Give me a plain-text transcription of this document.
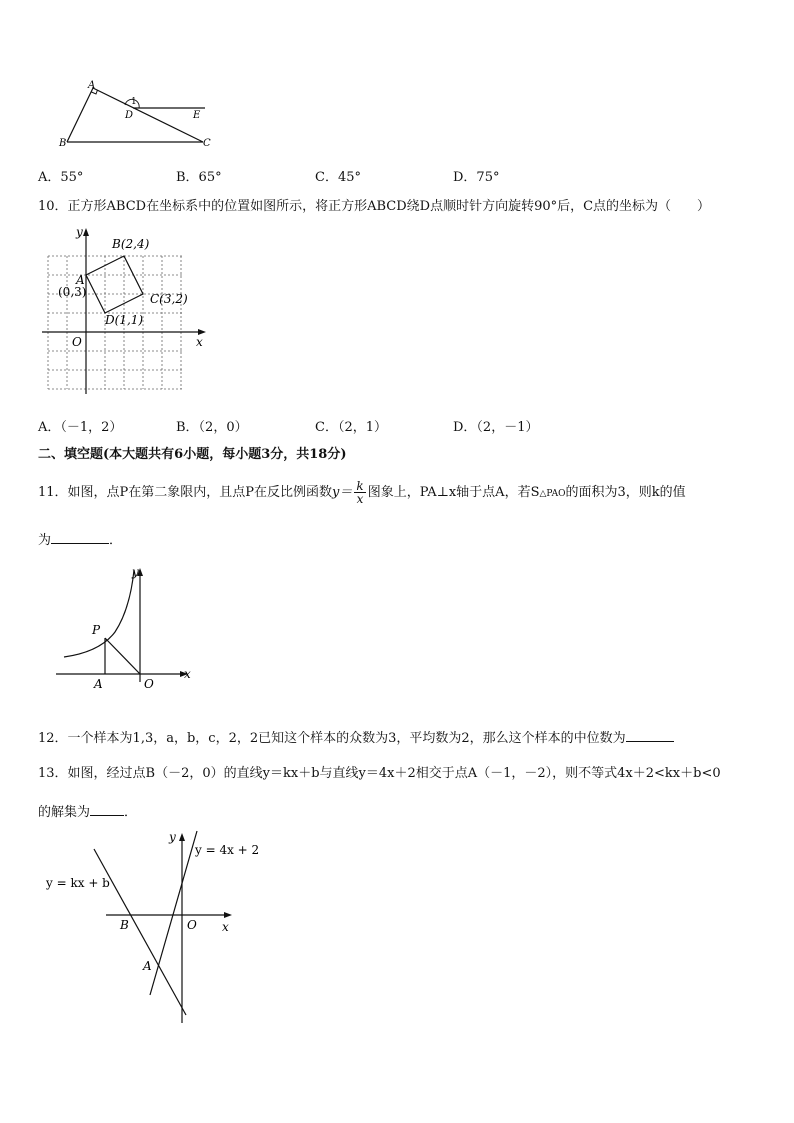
A
B	C
D	E
1
A．55°	B．65°	C．45°	D．75°
10．正方形ABCD在坐标系中的位置如图所示，将正方形ABCD绕D点顺时针方向旋转90°后，C点的坐标为（　　）
y
x
O
B(2,4)
A
(0,3)	C(3,2)
D(1,1)
A．（－1，2）	B．（2，0）	C．（2，1）	D．（2，－1）
二、填空题(本大题共有6小题，每小题3分，共18分)
11．如图，点P在第二象限内，且点P在反比例函数$y= \frac{k}{x}$ 图象上，PA⊥x轴于点A，若S△PAO的面积为3，则k的值
为	．
y
x
P
A	O
12．一个样本为1,3，a，b，c，2，2已知这个样本的众数为3，平均数为2，那么这个样本的中位数为
13．如图，经过点B（－2，0）的直线y＝kx＋b与直线y＝4x＋2相交于点A（－1，－2），则不等式4x＋2<kx＋b<0
的解集为	．
y
x
O
B
A
y = 4x + 2
y = kx + b
